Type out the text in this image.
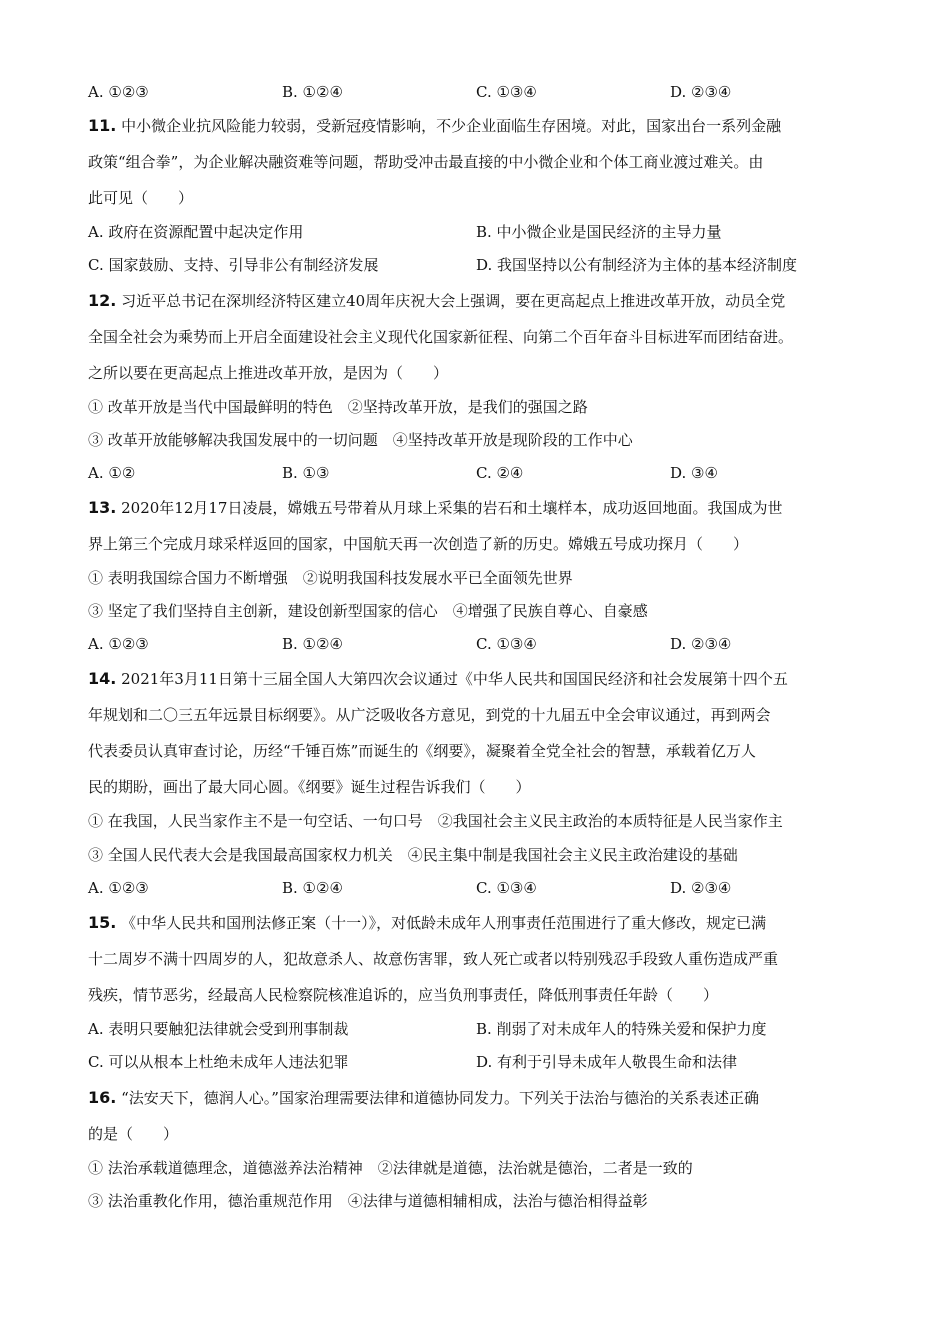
A. ①②③	B. ①②④	C. ①③④	D. ②③④
11. 中小微企业抗风险能力较弱，受新冠疫情影响，不少企业面临生存困境。对此，国家出台一系列金融
政策“组合拳”，为企业解决融资难等问题，帮助受冲击最直接的中小微企业和个体工商业渡过难关。由
此可见（　　）
A. 政府在资源配置中起决定作用	B. 中小微企业是国民经济的主导力量
C. 国家鼓励、支持、引导非公有制经济发展	D. 我国坚持以公有制经济为主体的基本经济制度
12. 习近平总书记在深圳经济特区建立40周年庆祝大会上强调，要在更高起点上推进改革开放，动员全党
全国全社会为乘势而上开启全面建设社会主义现代化国家新征程、向第二个百年奋斗目标进军而团结奋进。
之所以要在更高起点上推进改革开放，是因为（　　）
① 改革开放是当代中国最鲜明的特色　②坚持改革开放，是我们的强国之路
③ 改革开放能够解决我国发展中的一切问题　④坚持改革开放是现阶段的工作中心
A. ①②	B. ①③	C. ②④	D. ③④
13. 2020年12月17日凌晨，嫦娥五号带着从月球上采集的岩石和土壤样本，成功返回地面。我国成为世
界上第三个完成月球采样返回的国家，中国航天再一次创造了新的历史。嫦娥五号成功探月（　　）
① 表明我国综合国力不断增强　②说明我国科技发展水平已全面领先世界
③ 坚定了我们坚持自主创新，建设创新型国家的信心　④增强了民族自尊心、自豪感
A. ①②③	B. ①②④	C. ①③④	D. ②③④
14. 2021年3月11日第十三届全国人大第四次会议通过《中华人民共和国国民经济和社会发展第十四个五
年规划和二〇三五年远景目标纲要》。从广泛吸收各方意见，到党的十九届五中全会审议通过，再到两会
代表委员认真审查讨论，历经“千锤百炼”而诞生的《纲要》，凝聚着全党全社会的智慧，承载着亿万人
民的期盼，画出了最大同心圆。《纲要》诞生过程告诉我们（　　）
① 在我国，人民当家作主不是一句空话、一句口号　②我国社会主义民主政治的本质特征是人民当家作主
③ 全国人民代表大会是我国最高国家权力机关　④民主集中制是我国社会主义民主政治建设的基础
A. ①②③	B. ①②④	C. ①③④	D. ②③④
15. 《中华人民共和国刑法修正案（十一）》，对低龄未成年人刑事责任范围进行了重大修改，规定已满
十二周岁不满十四周岁的人，犯故意杀人、故意伤害罪，致人死亡或者以特别残忍手段致人重伤造成严重
残疾，情节恶劣，经最高人民检察院核准追诉的，应当负刑事责任，降低刑事责任年龄（　　）
A. 表明只要触犯法律就会受到刑事制裁	B. 削弱了对未成年人的特殊关爱和保护力度
C. 可以从根本上杜绝未成年人违法犯罪	D. 有利于引导未成年人敬畏生命和法律
16. “法安天下，德润人心。”国家治理需要法律和道德协同发力。下列关于法治与德治的关系表述正确
的是（　　）
① 法治承载道德理念，道德滋养法治精神　②法律就是道德，法治就是德治，二者是一致的
③ 法治重教化作用，德治重规范作用　④法律与道德相辅相成，法治与德治相得益彰
